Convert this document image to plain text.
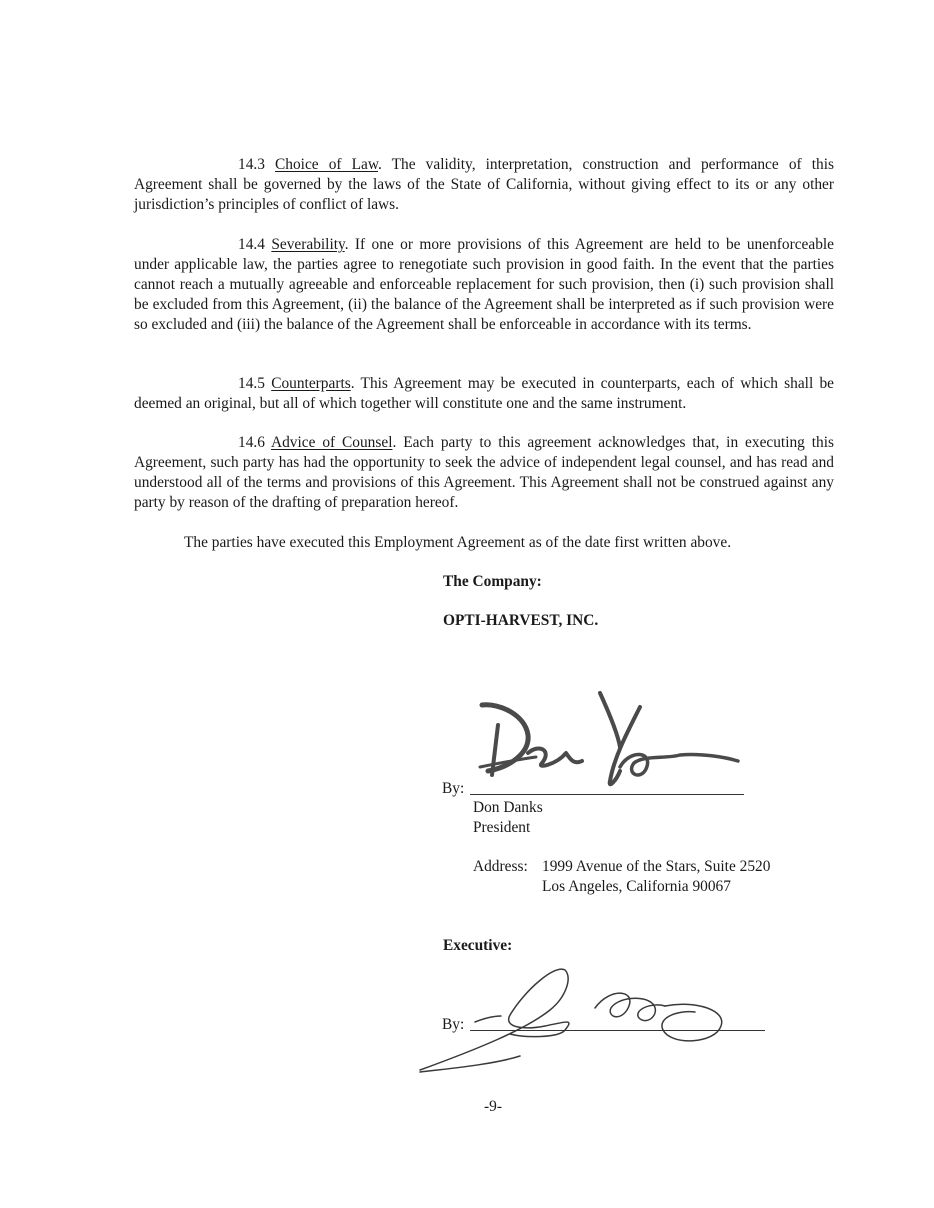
14.3 Choice of Law. The validity, interpretation, construction and performance of this Agreement shall be governed by the laws of the State of California, without giving effect to its or any other jurisdiction’s principles of conflict of laws.

14.4 Severability. If one or more provisions of this Agreement are held to be unenforceable under applicable law, the parties agree to renegotiate such provision in good faith. In the event that the parties cannot reach a mutually agreeable and enforceable replacement for such provision, then (i) such provision shall be excluded from this Agreement, (ii) the balance of the Agreement shall be interpreted as if such provision were so excluded and (iii) the balance of the Agreement shall be enforceable in accordance with its terms.

14.5 Counterparts. This Agreement may be executed in counterparts, each of which shall be deemed an original, but all of which together will constitute one and the same instrument.

14.6 Advice of Counsel. Each party to this agreement acknowledges that, in executing this Agreement, such party has had the opportunity to seek the advice of independent legal counsel, and has read and understood all of the terms and provisions of this Agreement. This Agreement shall not be construed against any party by reason of the drafting of preparation hereof.

The parties have executed this Employment Agreement as of the date first written above.

The Company:

OPTI-HARVEST, INC.

By:

Don Danks

President

Address: 1999 Avenue of the Stars, Suite 2520

Los Angeles, California 90067

Executive:

By:

-9-
